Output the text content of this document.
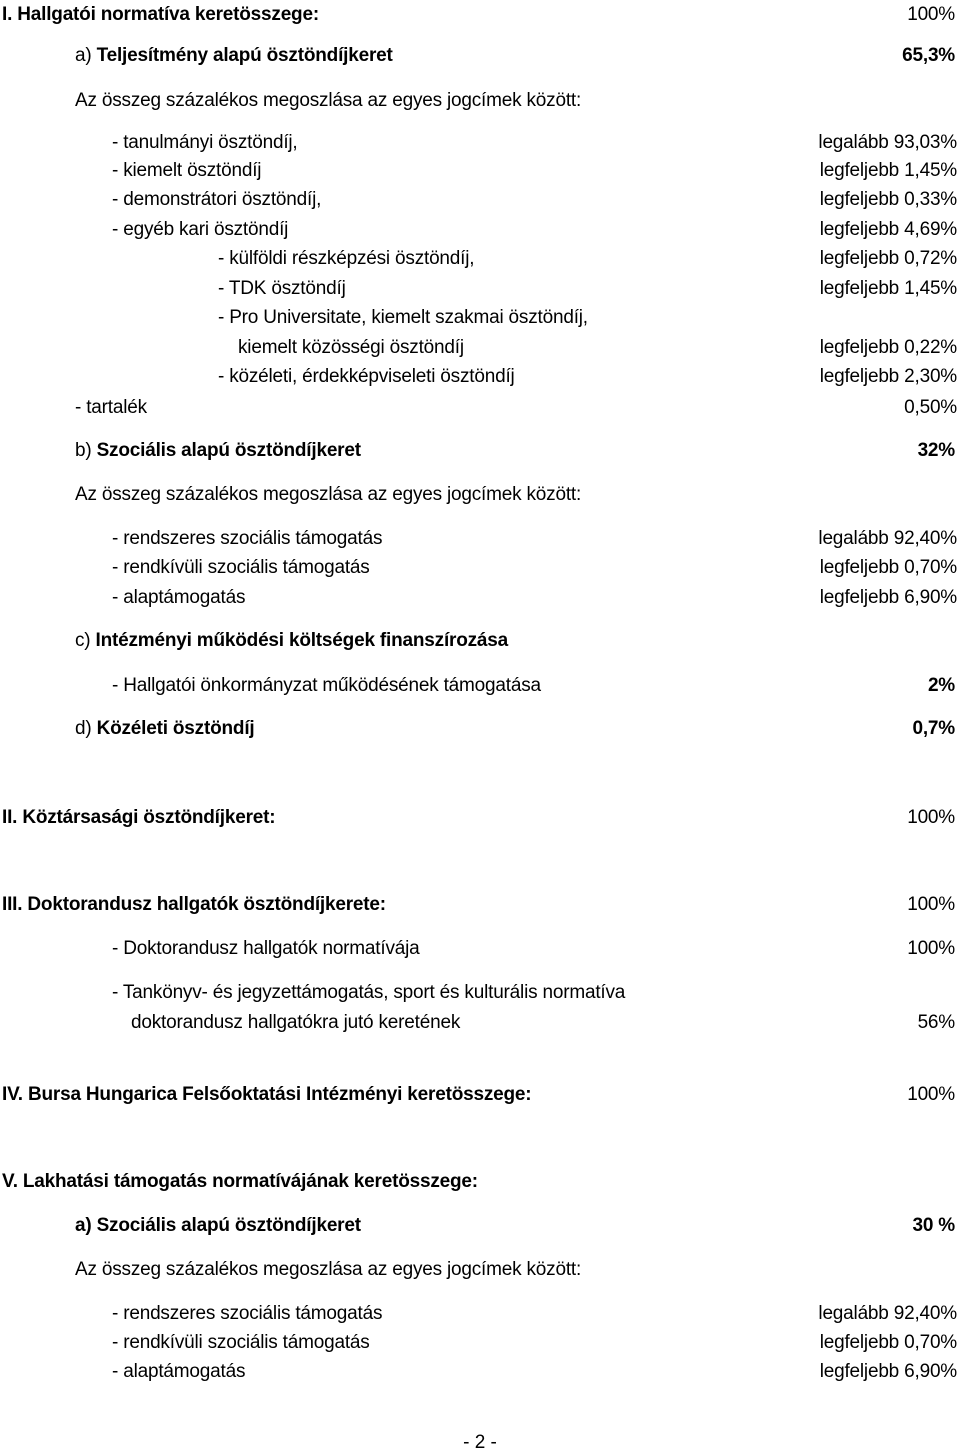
I. Hallgatói normatíva keretösszege:	100%
a) Teljesítmény alapú ösztöndíjkeret	65,3%
Az összeg százalékos megoszlása az egyes jogcímek között:
- tanulmányi ösztöndíj,	legalább 93,03%
- kiemelt ösztöndíj	legfeljebb 1,45%
- demonstrátori ösztöndíj,	legfeljebb 0,33%
- egyéb kari ösztöndíj	legfeljebb 4,69%
- külföldi részképzési ösztöndíj,	legfeljebb 0,72%
- TDK ösztöndíj	legfeljebb 1,45%
- Pro Universitate, kiemelt szakmai ösztöndíj,
kiemelt közösségi ösztöndíj	legfeljebb 0,22%
- közéleti, érdekképviseleti ösztöndíj	legfeljebb 2,30%
- tartalék	0,50%
b) Szociális alapú ösztöndíjkeret	32%
Az összeg százalékos megoszlása az egyes jogcímek között:
- rendszeres szociális támogatás	legalább 92,40%
- rendkívüli szociális támogatás	legfeljebb 0,70%
- alaptámogatás	legfeljebb 6,90%
c) Intézményi működési költségek finanszírozása
- Hallgatói önkormányzat működésének támogatása	2%
d) Közéleti ösztöndíj	0,7%
II. Köztársasági ösztöndíjkeret:	100%
III. Doktorandusz hallgatók ösztöndíjkerete:	100%
- Doktorandusz hallgatók normatívája	100%
- Tankönyv- és jegyzettámogatás, sport és kulturális normatíva
doktorandusz hallgatókra jutó keretének	56%
IV. Bursa Hungarica Felsőoktatási Intézményi keretösszege:	100%
V. Lakhatási támogatás normatívájának keretösszege:
a) Szociális alapú ösztöndíjkeret	30 %
Az összeg százalékos megoszlása az egyes jogcímek között:
- rendszeres szociális támogatás	legalább 92,40%
- rendkívüli szociális támogatás	legfeljebb 0,70%
- alaptámogatás	legfeljebb 6,90%
- 2 -
